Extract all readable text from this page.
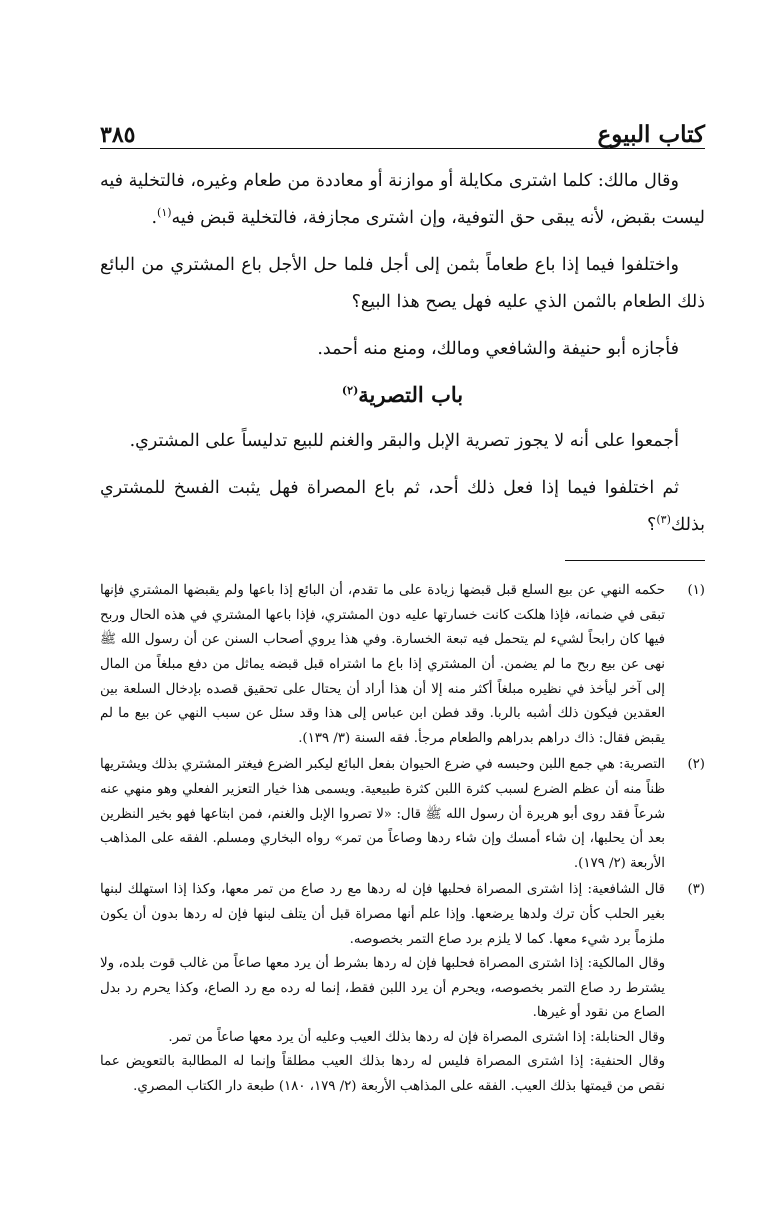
كتاب البيوع
٣٨٥

وقال مالك: كلما اشترى مكايلة أو موازنة أو معاددة من طعام وغيره، فالتخلية فيه ليست بقبض، لأنه يبقى حق التوفية، وإن اشترى مجازفة، فالتخلية قبض فيه$^{(١)}$.

واختلفوا فيما إذا باع طعاماً بثمن إلى أجل فلما حل الأجل باع المشتري من البائع ذلك الطعام بالثمن الذي عليه فهل يصح هذا البيع؟

فأجازه أبو حنيفة والشافعي ومالك، ومنع منه أحمد.

باب التصرية$^{(٢)}$

أجمعوا على أنه لا يجوز تصرية الإبل والبقر والغنم للبيع تدليساً على المشتري.

ثم اختلفوا فيما إذا فعل ذلك أحد، ثم باع المصراة فهل يثبت الفسخ للمشتري بذلك$^{(٣)}$؟

(١)

حكمه النهي عن بيع السلع قبل قبضها زيادة على ما تقدم، أن البائع إذا باعها ولم يقبضها المشتري فإنها تبقى في ضمانه، فإذا هلكت كانت خسارتها عليه دون المشتري، فإذا باعها المشتري في هذه الحال وربح فيها كان رابحاً لشيء لم يتحمل فيه تبعة الخسارة. وفي هذا يروي أصحاب السنن عن أن رسول الله ﷺ نهى عن بيع ربح ما لم يضمن. أن المشتري إذا باع ما اشتراه قبل قبضه يماثل من دفع مبلغاً من المال إلى آخر ليأخذ في نظيره مبلغاً أكثر منه إلا أن هذا أراد أن يحتال على تحقيق قصده بإدخال السلعة بين العقدين فيكون ذلك أشبه بالربا. وقد فطن ابن عباس إلى هذا وقد سئل عن سبب النهي عن بيع ما لم يقبض فقال: ذاك دراهم بدراهم والطعام مرجأ. فقه السنة (٣/ ١٣٩).

(٢)

التصرية: هي جمع اللبن وحبسه في ضرع الحيوان بفعل البائع ليكبر الضرع فيغتر المشتري بذلك ويشتريها ظناً منه أن عظم الضرع لسبب كثرة اللبن كثرة طبيعية. ويسمى هذا خيار التعزير الفعلي وهو منهي عنه شرعاً فقد روى أبو هريرة أن رسول الله ﷺ قال: «لا تصروا الإبل والغنم، فمن ابتاعها فهو بخير النظرين بعد أن يحلبها، إن شاء أمسك وإن شاء ردها وصاعاً من تمر» رواه البخاري ومسلم. الفقه على المذاهب الأربعة (٢/ ١٧٩).

(٣)

قال الشافعية: إذا اشترى المصراة فحلبها فإن له ردها مع رد صاع من تمر معها، وكذا إذا استهلك لبنها بغير الحلب كأن ترك ولدها يرضعها. وإذا علم أنها مصراة قبل أن يتلف لبنها فإن له ردها بدون أن يكون ملزماً برد شيء معها. كما لا يلزم برد صاع التمر بخصوصه.

وقال المالكية: إذا اشترى المصراة فحلبها فإن له ردها بشرط أن يرد معها صاعاً من غالب قوت بلده، ولا يشترط رد صاع التمر بخصوصه، ويحرم أن يرد اللبن فقط، إنما له رده مع رد الصاع، وكذا يحرم رد بدل الصاع من نقود أو غيرها.

وقال الحنابلة: إذا اشترى المصراة فإن له ردها بذلك العيب وعليه أن يرد معها صاعاً من تمر.

وقال الحنفية: إذا اشترى المصراة فليس له ردها بذلك العيب مطلقاً وإنما له المطالبة بالتعويض عما نقص من قيمتها بذلك العيب. الفقه على المذاهب الأربعة (٢/ ١٧٩، ١٨٠) طبعة دار الكتاب المصري.
